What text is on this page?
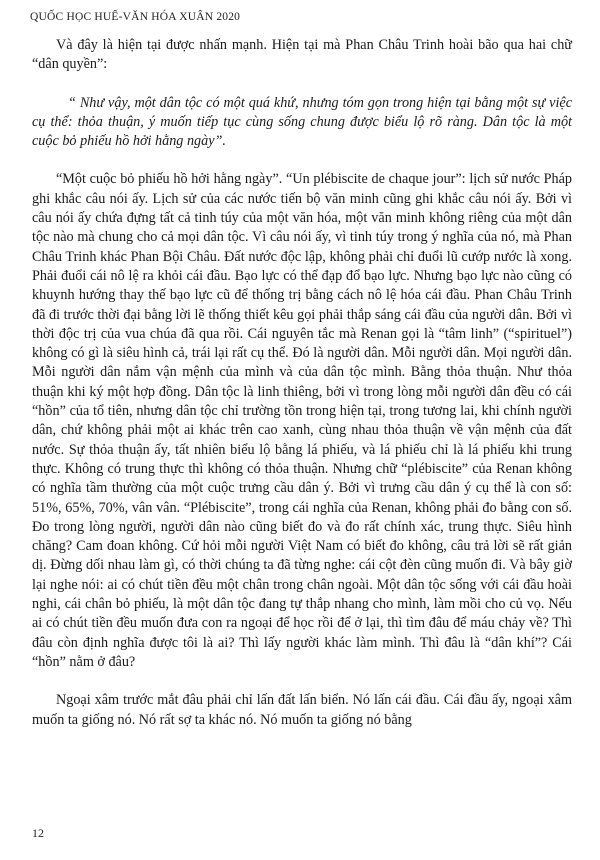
QUỐC HỌC HUẾ-VĂN HÓA XUÂN 2020

Và đây là hiện tại được nhấn mạnh. Hiện tại mà Phan Châu Trinh hoài bão qua hai chữ “dân quyền”:

“ Như vậy, một dân tộc có một quá khứ, nhưng tóm gọn trong hiện tại bằng một sự việc cụ thể: thỏa thuận, ý muốn tiếp tục cùng sống chung được biểu lộ rõ ràng. Dân tộc là một cuộc bỏ phiếu hồ hởi hằng ngày”.

“Một cuộc bỏ phiếu hồ hởi hằng ngày”. “Un plébiscite de chaque jour”: lịch sử nước Pháp ghi khắc câu nói ấy. Lịch sử của các nước tiến bộ văn minh cũng ghi khắc câu nói ấy. Bởi vì câu nói ấy chứa đựng tất cả tinh túy của một văn hóa, một văn minh không riêng của một dân tộc nào mà chung cho cả mọi dân tộc. Vì câu nói ấy, vì tinh túy trong ý nghĩa của nó, mà Phan Châu Trinh khác Phan Bội Châu. Đất nước độc lập, không phải chỉ đuổi lũ cướp nước là xong. Phải đuổi cái nô lệ ra khỏi cái đầu. Bạo lực có thể đạp đổ bạo lực. Nhưng bạo lực nào cũng có khuynh hướng thay thế bạo lực cũ để thống trị bằng cách nô lệ hóa cái đầu. Phan Châu Trinh đã đi trước thời đại bằng lời lẽ thống thiết kêu gọi phải thắp sáng cái đầu của người dân. Bởi vì thời độc trị của vua chúa đã qua rồi. Cái nguyên tắc mà Renan gọi là “tâm linh” (“spirituel”) không có gì là siêu hình cả, trái lại rất cụ thể. Đó là người dân. Mỗi người dân. Mọi người dân. Mỗi người dân nắm vận mệnh của mình và của dân tộc mình. Bằng thỏa thuận. Như thỏa thuận khi ký một hợp đồng. Dân tộc là linh thiêng, bởi vì trong lòng mỗi người dân đều có cái “hồn” của tổ tiên, nhưng dân tộc chỉ trường tồn trong hiện tại, trong tương lai, khi chính người dân, chứ không phải một ai khác trên cao xanh, cùng nhau thỏa thuận về vận mệnh của đất nước. Sự thỏa thuận ấy, tất nhiên biểu lộ bằng lá phiếu, và lá phiếu chỉ là lá phiếu khi trung thực. Không có trung thực thì không có thỏa thuận. Nhưng chữ “plébiscite” của Renan không có nghĩa tầm thường của một cuộc trưng cầu dân ý. Bởi vì trưng cầu dân ý cụ thể là con số: 51%, 65%, 70%, vân vân. “Plébiscite”, trong cái nghĩa của Renan, không phải đo bằng con số. Đo trong lòng người, người dân nào cũng biết đo và đo rất chính xác, trung thực. Siêu hình chăng? Cam đoan không. Cứ hỏi mỗi người Việt Nam có biết đo không, câu trả lời sẽ rất giản dị. Đừng dối nhau làm gì, có thời chúng ta đã từng nghe: cái cột đèn cũng muốn đi. Và bây giờ lại nghe nói: ai có chút tiền đều một chân trong chân ngoài. Một dân tộc sống với cái đầu hoài nghi, cái chân bỏ phiếu, là một dân tộc đang tự thắp nhang cho mình, làm mồi cho củ vọ. Nếu ai có chút tiền đều muốn đưa con ra ngoại để học rồi để ở lại, thì tìm đâu để máu chảy về? Thì đâu còn định nghĩa được tôi là ai? Thì lấy người khác làm mình. Thì đâu là “dân khí”? Cái “hồn” nằm ở đâu?

Ngoại xâm trước mắt đâu phải chỉ lấn đất lấn biển. Nó lấn cái đầu. Cái đầu ấy, ngoại xâm muốn ta giống nó. Nó rất sợ ta khác nó. Nó muốn ta giống nó bằng

12
